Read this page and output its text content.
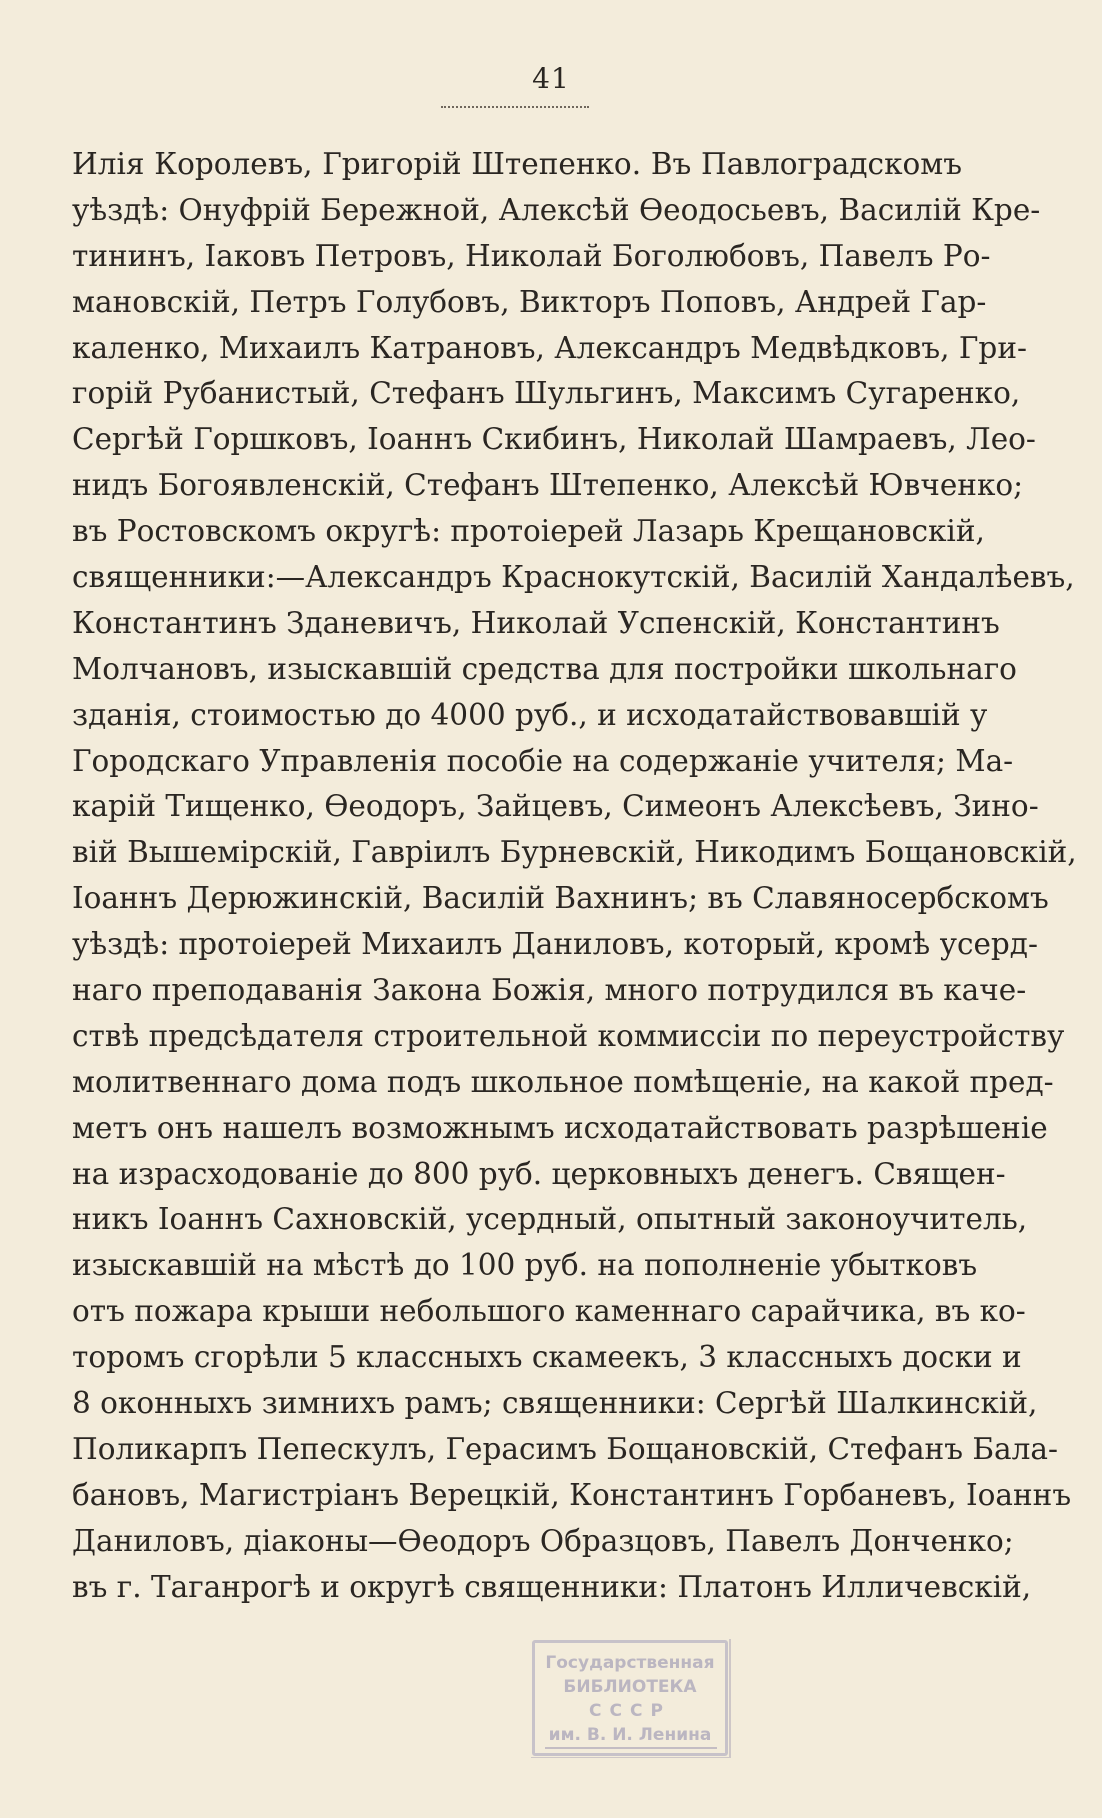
41
Илія Королевъ, Григорій Штепенко. Въ Павлоградскомъ
уѣздѣ: Онуфрій Бережной, Алексѣй Ѳеодосьевъ, Василій Кре-
тининъ, Іаковъ Петровъ, Николай Боголюбовъ, Павелъ Ро-
мановскій, Петръ Голубовъ, Викторъ Поповъ, Андрей Гар-
каленко, Михаилъ Катрановъ, Александръ Медвѣдковъ, Гри-
горій Рубанистый, Стефанъ Шульгинъ, Максимъ Сугаренко,
Сергѣй Горшковъ, Іоаннъ Скибинъ, Николай Шамраевъ, Лео-
нидъ Богоявленскій, Стефанъ Штепенко, Алексѣй Ювченко;
въ Ростовскомъ округѣ: протоіерей Лазарь Крещановскій,
священники:—Александръ Краснокутскій, Василій Хандалѣевъ,
Константинъ Зданевичъ, Николай Успенскій, Константинъ
Молчановъ, изыскавшій средства для постройки школьнаго
зданія, стоимостью до 4000 руб., и исходатайствовавшій у
Городскаго Управленія пособіе на содержаніе учителя; Ма-
карій Тищенко, Ѳеодоръ, Зайцевъ, Симеонъ Алексѣевъ, Зино-
вій Вышемірскій, Гавріилъ Бурневскій, Никодимъ Бощановскій,
Іоаннъ Дерюжинскій, Василій Вахнинъ; въ Славяносербскомъ
уѣздѣ: протоіерей Михаилъ Даниловъ, который, кромѣ усерд-
наго преподаванія Закона Божія, много потрудился въ каче-
ствѣ предсѣдателя строительной коммиссіи по переустройству
молитвеннаго дома подъ школьное помѣщеніе, на какой пред-
метъ онъ нашелъ возможнымъ исходатайствовать разрѣшеніе
на израсходованіе до 800 руб. церковныхъ денегъ. Священ-
никъ Іоаннъ Сахновскій, усердный, опытный законоучитель,
изыскавшій на мѣстѣ до 100 руб. на пополненіе убытковъ
отъ пожара крыши небольшого каменнаго сарайчика, въ ко-
торомъ сгорѣли 5 классныхъ скамеекъ, 3 классныхъ доски и
8 оконныхъ зимнихъ рамъ; священники: Сергѣй Шалкинскій,
Поликарпъ Пепескулъ, Герасимъ Бощановскій, Стефанъ Бала-
бановъ, Магистріанъ Верецкій, Константинъ Горбаневъ, Іоаннъ
Даниловъ, діаконы—Ѳеодоръ Образцовъ, Павелъ Донченко;
въ г. Таганрогѣ и округѣ священники: Платонъ Илличевскій,
Государственная
БИБЛИОТЕКА
СССР
им. В. И. Ленина
